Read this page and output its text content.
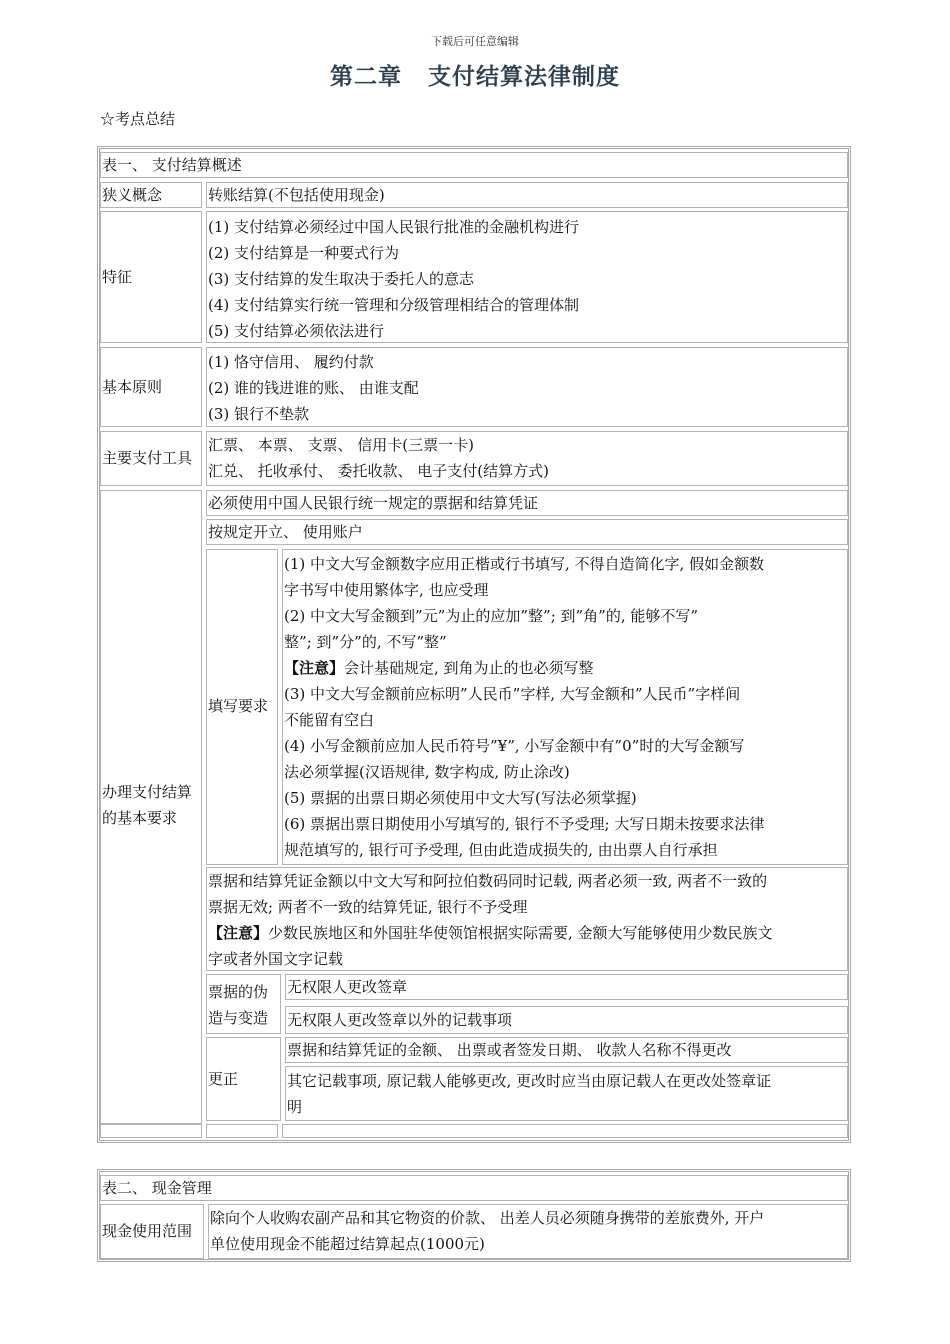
下载后可任意编辑
第二章 支付结算法律制度
☆考点总结
表一、 支付结算概述
狭义概念	转账结算(不包括使用现金)
特征
(1) 支付结算必须经过中国人民银行批准的金融机构进行
(2) 支付结算是一种要式行为
(3) 支付结算的发生取决于委托人的意志
(4) 支付结算实行统一管理和分级管理相结合的管理体制
(5) 支付结算必须依法进行
基本原则
(1) 恪守信用、 履约付款
(2) 谁的钱进谁的账、 由谁支配
(3) 银行不垫款
主要支付工具
汇票、 本票、 支票、 信用卡(三票一卡)
汇兑、 托收承付、 委托收款、 电子支付(结算方式)
办理支付结算
的基本要求
必须使用中国人民银行统一规定的票据和结算凭证
按规定开立、 使用账户
填写要求
(1) 中文大写金额数字应用正楷或行书填写, 不得自造简化字, 假如金额数
字书写中使用繁体字, 也应受理
(2) 中文大写金额到”元”为止的应加”整”; 到”角”的, 能够不写”
整”; 到”分”的, 不写”整”
【注意】会计基础规定, 到角为止的也必须写整
(3) 中文大写金额前应标明”人民币”字样, 大写金额和”人民币”字样间
不能留有空白
(4) 小写金额前应加人民币符号”¥”, 小写金额中有”0”时的大写金额写
法必须掌握(汉语规律, 数字构成, 防止涂改)
(5) 票据的出票日期必须使用中文大写(写法必须掌握)
(6) 票据出票日期使用小写填写的, 银行不予受理; 大写日期未按要求法律
规范填写的, 银行可予受理, 但由此造成损失的, 由出票人自行承担
票据和结算凭证金额以中文大写和阿拉伯数码同时记载, 两者必须一致, 两者不一致的
票据无效; 两者不一致的结算凭证, 银行不予受理
【注意】少数民族地区和外国驻华使领馆根据实际需要, 金额大写能够使用少数民族文
字或者外国文字记载
票据的伪
造与变造
无权限人更改签章
无权限人更改签章以外的记载事项
更正
票据和结算凭证的金额、 出票或者签发日期、 收款人名称不得更改
其它记载事项, 原记载人能够更改, 更改时应当由原记载人在更改处签章证
明
表二、 现金管理
现金使用范围
除向个人收购农副产品和其它物资的价款、 出差人员必须随身携带的差旅费外, 开户
单位使用现金不能超过结算起点(1000元)
